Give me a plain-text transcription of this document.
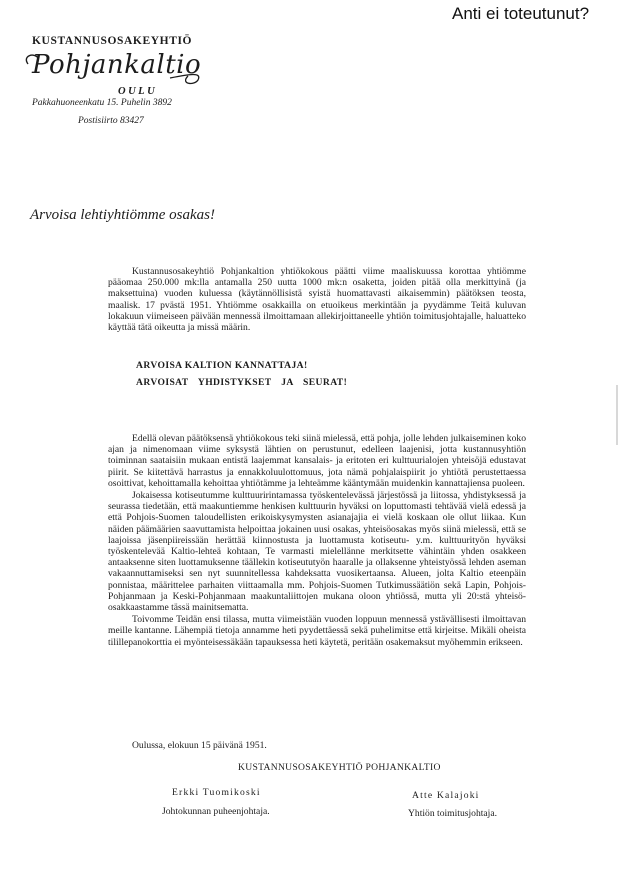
Anti ei toteutunut?
KUSTANNUSOSAKEYHTIÖ
Pohjankaltio
OULU
Pakkahuoneenkatu 15. Puhelin 3892
Postisiirto 83427
Arvoisa lehtiyhtiömme osakas!

Kustannusosakeyhtiö Pohjankaltion yhtiökokous päätti viime maaliskuussa korottaa yhtiömme pääomaa 250.000 mk:lla antamalla 250 uutta 1000 mk:n osaketta, joiden pitää olla merkittyinä (ja maksettuina) vuoden kuluessa (käytännöllisistä syistä huomattavasti aikaisemmin) päätöksen teosta, maalisk. 17 pvästä 1951. Yhtiömme osakkailla on etuoikeus merkintään ja pyydämme Teitä kuluvan lokakuun viimeiseen päivään mennessä ilmoittamaan allekirjoittaneelle yhtiön toimitusjohtajalle, haluatteko käyttää tätä oikeutta ja missä määrin.

ARVOISA KALTION KANNATTAJA!
ARVOISAT YHDISTYKSET JA SEURAT!

Edellä olevan päätöksensä yhtiökokous teki siinä mielessä, että pohja, jolle lehden julkaiseminen koko ajan ja nimenomaan viime syksystä lähtien on perustunut, edelleen laajenisi, jotta kustannusyhtiön toiminnan saataisiin mukaan entistä laajemmat kansalais- ja eritoten eri kulttuurialojen yhteisöjä edustavat piirit. Se kiitettävä harrastus ja ennakkoluulottomuus, jota nämä pohjalaispiirit jo yhtiötä perustettaessa osoittivat, kehoittamalla kehoittaa yhtiötämme ja lehteämme kääntymään muidenkin kannattajiensa puoleen.

Jokaisessa kotiseutumme kulttuuririntamassa työskentelevässä järjestössä ja liitossa, yhdistyksessä ja seurassa tiedetään, että maakuntiemme henkisen kulttuurin hyväksi on loputtomasti tehtävää vielä edessä ja että Pohjois-Suomen taloudellisten erikoiskysymysten asianajajia ei vielä koskaan ole ollut liikaa. Kun näiden päämäärien saavuttamista helpoittaa jokainen uusi osakas, yhteisöosakas myös siinä mielessä, että se laajoissa jäsenpiireissään herättää kiinnostusta ja luottamusta kotiseutu- y.m. kulttuurityön hyväksi työskentelevää Kaltio-lehteä kohtaan, Te varmasti mielellänne merkitsette vähintäin yhden osakkeen antaaksenne siten luottamuksenne täällekin kotiseututyön haaralle ja ollaksenne yhteistyössä lehden aseman vakaannuttamiseksi sen nyt suunnitellessa kahdeksatta vuosikertaansa. Alueen, jolta Kaltio eteenpäin ponnistaa, määrittelee parhaiten viittaamalla mm. Pohjois-Suomen Tutkimussäätiön sekä Lapin, Pohjois-Pohjanmaan ja Keski-Pohjanmaan maakuntaliittojen mukana oloon yhtiössä, mutta yli 20:stä yhteisö-osakkaastamme tässä mainitsematta.

Toivomme Teidän ensi tilassa, mutta viimeistään vuoden loppuun mennessä ystävällisesti ilmoittavan meille kantanne. Lähempiä tietoja annamme heti pyydettäessä sekä puhelimitse että kirjeitse. Mikäli oheista tilillepanokorttia ei myönteisessäkään tapauksessa heti käytetä, peritään osakemaksut myöhemmin erikseen.

Oulussa, elokuun 15 päivänä 1951.
KUSTANNUSOSAKEYHTIÖ POHJANKALTIO
Erkki Tuomikoski
Johtokunnan puheenjohtaja.
Atte Kalajoki
Yhtiön toimitusjohtaja.
